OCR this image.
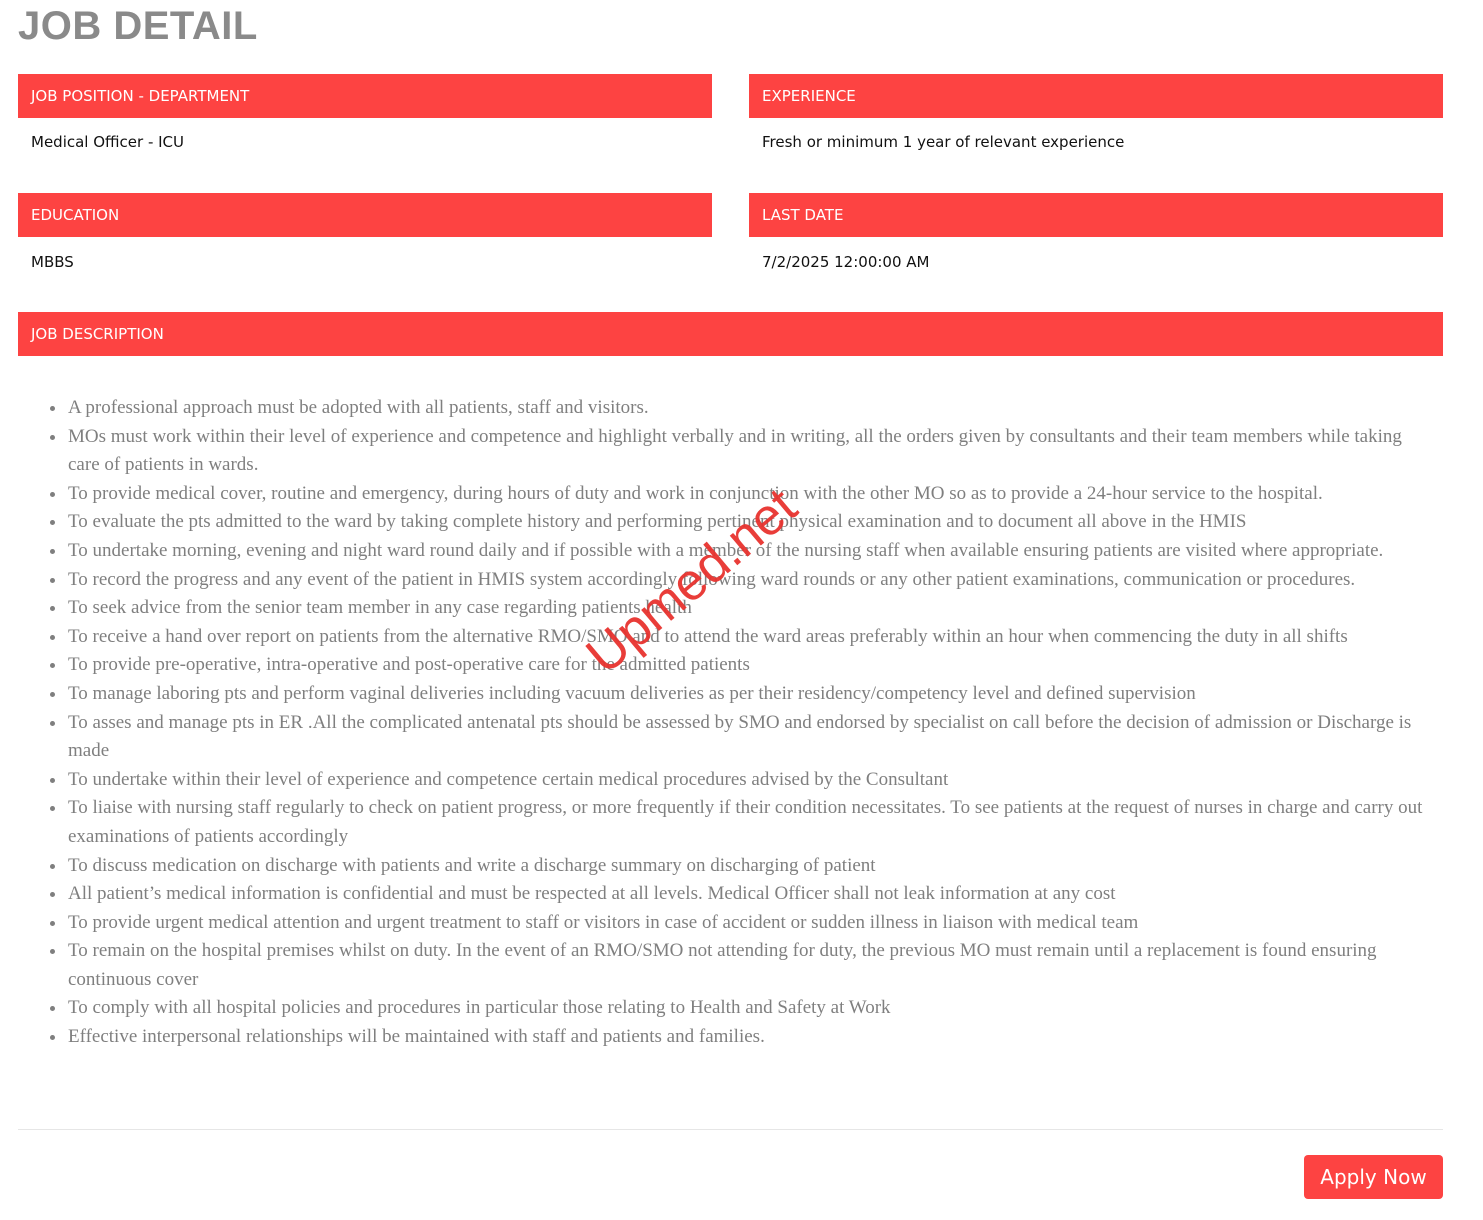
JOB DETAIL
JOB POSITION - DEPARTMENT
Medical Officer - ICU
EXPERIENCE
Fresh or minimum 1 year of relevant experience
EDUCATION
MBBS
LAST DATE
7/2/2025 12:00:00 AM
JOB DESCRIPTION
A professional approach must be adopted with all patients, staff and visitors.
MOs must work within their level of experience and competence and highlight verbally and in writing, all the orders given by consultants and their team members while taking care of patients in wards.
To provide medical cover, routine and emergency, during hours of duty and work in conjunction with the other MO so as to provide a 24-hour service to the hospital.
To evaluate the pts admitted to the ward by taking complete history and performing pertinent physical examination and to document all above in the HMIS
To undertake morning, evening and night ward round daily and if possible with a member of the nursing staff when available ensuring patients are visited where appropriate.
To record the progress and any event of the patient in HMIS system accordingly following ward rounds or any other patient examinations, communication or procedures.
To seek advice from the senior team member in any case regarding patients health
To receive a hand over report on patients from the alternative RMO/SMO and to attend the ward areas preferably within an hour when commencing the duty in all shifts
To provide pre-operative, intra-operative and post-operative care for the admitted patients
To manage laboring pts and perform vaginal deliveries including vacuum deliveries as per their residency/competency level and defined supervision
To asses and manage pts in ER .All the complicated antenatal pts should be assessed by SMO and endorsed by specialist on call before the decision of admission or Discharge is made
To undertake within their level of experience and competence certain medical procedures advised by the Consultant
To liaise with nursing staff regularly to check on patient progress, or more frequently if their condition necessitates. To see patients at the request of nurses in charge and carry out examinations of patients accordingly
To discuss medication on discharge with patients and write a discharge summary on discharging of patient
All patient’s medical information is confidential and must be respected at all levels. Medical Officer shall not leak information at any cost
To provide urgent medical attention and urgent treatment to staff or visitors in case of accident or sudden illness in liaison with medical team
To remain on the hospital premises whilst on duty. In the event of an RMO/SMO not attending for duty, the previous MO must remain until a replacement is found ensuring continuous cover
To comply with all hospital policies and procedures in particular those relating to Health and Safety at Work
Effective interpersonal relationships will be maintained with staff and patients and families.
Upmed.net
Apply Now
